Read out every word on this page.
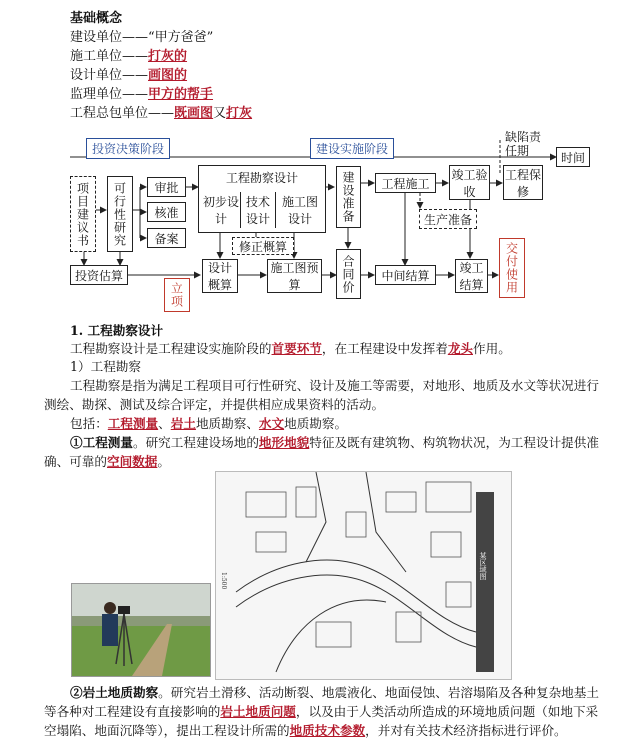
基础概念
建设单位——“甲方爸爸”
施工单位——打灰的
设计单位——画图的
监理单位——甲方的帮手
工程总包单位——既画图又打灰
投资决策阶段	建设实施阶段
缺陷责任期	时间
项目建议书	可行性研究	审批
核准
备案
投资估算
工程勘察设计
初步设计
技术设计
施工图设计
修正概算
设计概算
施工图预算
建设准备
合同价
工程施工
生产准备
中间结算
竣工验收
竣工结算
工程保修
交付使用
立项
1. 工程勘察设计
工程勘察设计是工程建设实施阶段的首要环节，在工程建设中发挥着龙头作用。
1）工程勘察
工程勘察是指为满足工程项目可行性研究、设计及施工等需要，对地形、地质及水文等状况进行测绘、勘探、测试及综合评定，并提供相应成果资料的活动。
包括：工程测量、岩土地质勘察、水文地质勘察。
①工程测量。研究工程建设场地的地形地貌特征及既有建筑物、构筑物状况，为工程设计提供准确、可靠的空间数据。
1:500
某区域图
②岩土地质勘察。研究岩土滑移、活动断裂、地震液化、地面侵蚀、岩溶塌陷及各种复杂地基土等各种对工程建设有直接影响的岩土地质问题，以及由于人类活动所造成的环境地质问题（如地下采空塌陷、地面沉降等），提出工程设计所需的地质技术参数，并对有关技术经济指标进行评价。
